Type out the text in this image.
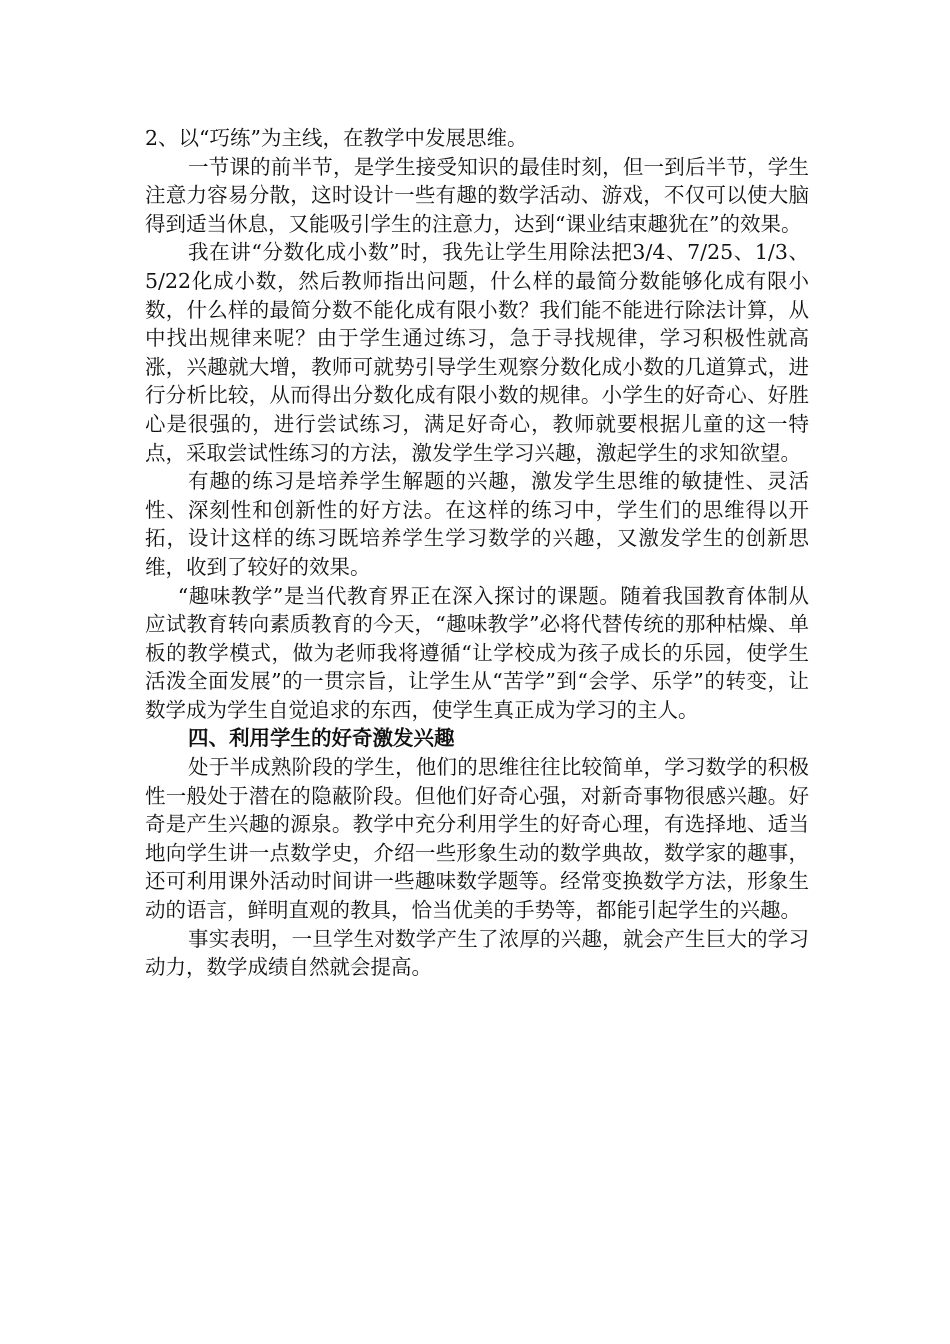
2、以“巧练”为主线，在教学中发展思维。

一节课的前半节，是学生接受知识的最佳时刻，但一到后半节，学生注意力容易分散，这时设计一些有趣的数学活动、游戏，不仅可以使大脑得到适当休息，又能吸引学生的注意力，达到“课业结束趣犹在”的效果。

我在讲“分数化成小数”时，我先让学生用除法把3/4、7/25、1/3、5/22化成小数，然后教师指出问题，什么样的最简分数能够化成有限小数，什么样的最简分数不能化成有限小数？我们能不能进行除法计算，从中找出规律来呢？由于学生通过练习，急于寻找规律，学习积极性就高涨，兴趣就大增，教师可就势引导学生观察分数化成小数的几道算式，进行分析比较，从而得出分数化成有限小数的规律。小学生的好奇心、好胜心是很强的，进行尝试练习，满足好奇心，教师就要根据儿童的这一特点，采取尝试性练习的方法，激发学生学习兴趣，激起学生的求知欲望。

有趣的练习是培养学生解题的兴趣，激发学生思维的敏捷性、灵活性、深刻性和创新性的好方法。在这样的练习中，学生们的思维得以开拓，设计这样的练习既培养学生学习数学的兴趣，又激发学生的创新思维，收到了较好的效果。

“趣味教学”是当代教育界正在深入探讨的课题。随着我国教育体制从应试教育转向素质教育的今天，“趣味教学”必将代替传统的那种枯燥、单板的教学模式，做为老师我将遵循“让学校成为孩子成长的乐园，使学生活泼全面发展”的一贯宗旨，让学生从“苦学”到“会学、乐学”的转变，让数学成为学生自觉追求的东西，使学生真正成为学习的主人。

四、利用学生的好奇激发兴趣

处于半成熟阶段的学生，他们的思维往往比较简单，学习数学的积极性一般处于潜在的隐蔽阶段。但他们好奇心强，对新奇事物很感兴趣。好奇是产生兴趣的源泉。教学中充分利用学生的好奇心理，有选择地、适当地向学生讲一点数学史，介绍一些形象生动的数学典故，数学家的趣事，还可利用课外活动时间讲一些趣味数学题等。经常变换数学方法，形象生动的语言，鲜明直观的教具，恰当优美的手势等，都能引起学生的兴趣。

事实表明，一旦学生对数学产生了浓厚的兴趣，就会产生巨大的学习动力，数学成绩自然就会提高。
